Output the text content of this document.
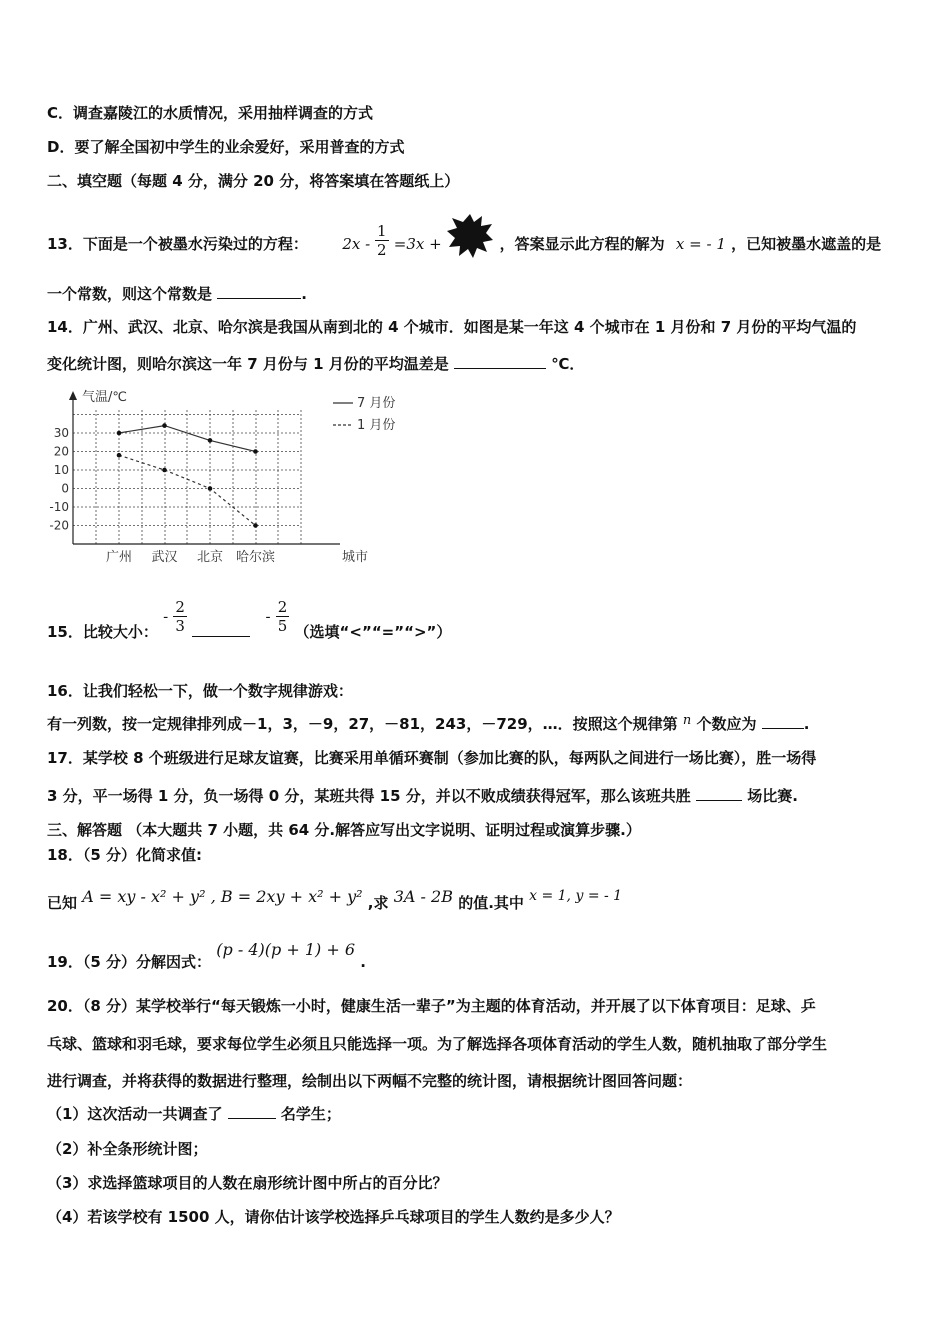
C．调查嘉陵江的水质情况，采用抽样调查的方式
D．要了解全国初中学生的业余爱好，采用普查的方式
二、填空题（每题 4 分，满分 20 分，将答案填在答题纸上）
13．下面是一个被墨水污染过的方程： $2x - \frac{1}{2} =3x$ +	，答案显示此方程的解为 x = - 1 ，已知被墨水遮盖的是
一个常数，则这个常数是	.
14．广州、武汉、北京、哈尔滨是我国从南到北的 4 个城市．如图是某一年这 4 个城市在 1 月份和 7 月份的平均气温的
变化统计图，则哈尔滨这一年 7 月份与 1 月份的平均温差是	℃．
30
20
10
0
-10
-20
广州 武汉 北京 哈尔滨
气温/℃
城市
7 月份
1 月份
15．比较大小： - $\frac{2}{3}$	- $\frac{2}{5}$ （选填“<”“=”“>”）
16．让我们轻松一下，做一个数字规律游戏：
有一列数，按一定规律排列成－1，3，－9，27，－81，243，－729，…．按照这个规律第 n 个数应为	.
17．某学校 8 个班级进行足球友谊赛，比赛采用单循环赛制（参加比赛的队，每两队之间进行一场比赛），胜一场得
3 分，平一场得 1 分，负一场得 0 分，某班共得 15 分，并以不败成绩获得冠军，那么该班共胜	场比赛.
三、解答题 （本大题共 7 小题，共 64 分.解答应写出文字说明、证明过程或演算步骤.）
18．（5 分）化简求值:
已知 A = xy - x² + y² , B = 2xy + x² + y² ,求 3A - 2B 的值.其中 x = 1, y = - 1
19．（5 分）分解因式： (p - 4)(p + 1) + 6 .
20．（8 分）某学校举行“每天锻炼一小时，健康生活一辈子”为主题的体育活动，并开展了以下体育项目：足球、乒
乓球、篮球和羽毛球，要求每位学生必须且只能选择一项。为了解选择各项体育活动的学生人数，随机抽取了部分学生
进行调查，并将获得的数据进行整理，绘制出以下两幅不完整的统计图，请根据统计图回答问题：
（1）这次活动一共调查了	名学生；
（2）补全条形统计图；
（3）求选择篮球项目的人数在扇形统计图中所占的百分比？
（4）若该学校有 1500 人，请你估计该学校选择乒乓球项目的学生人数约是多少人？
